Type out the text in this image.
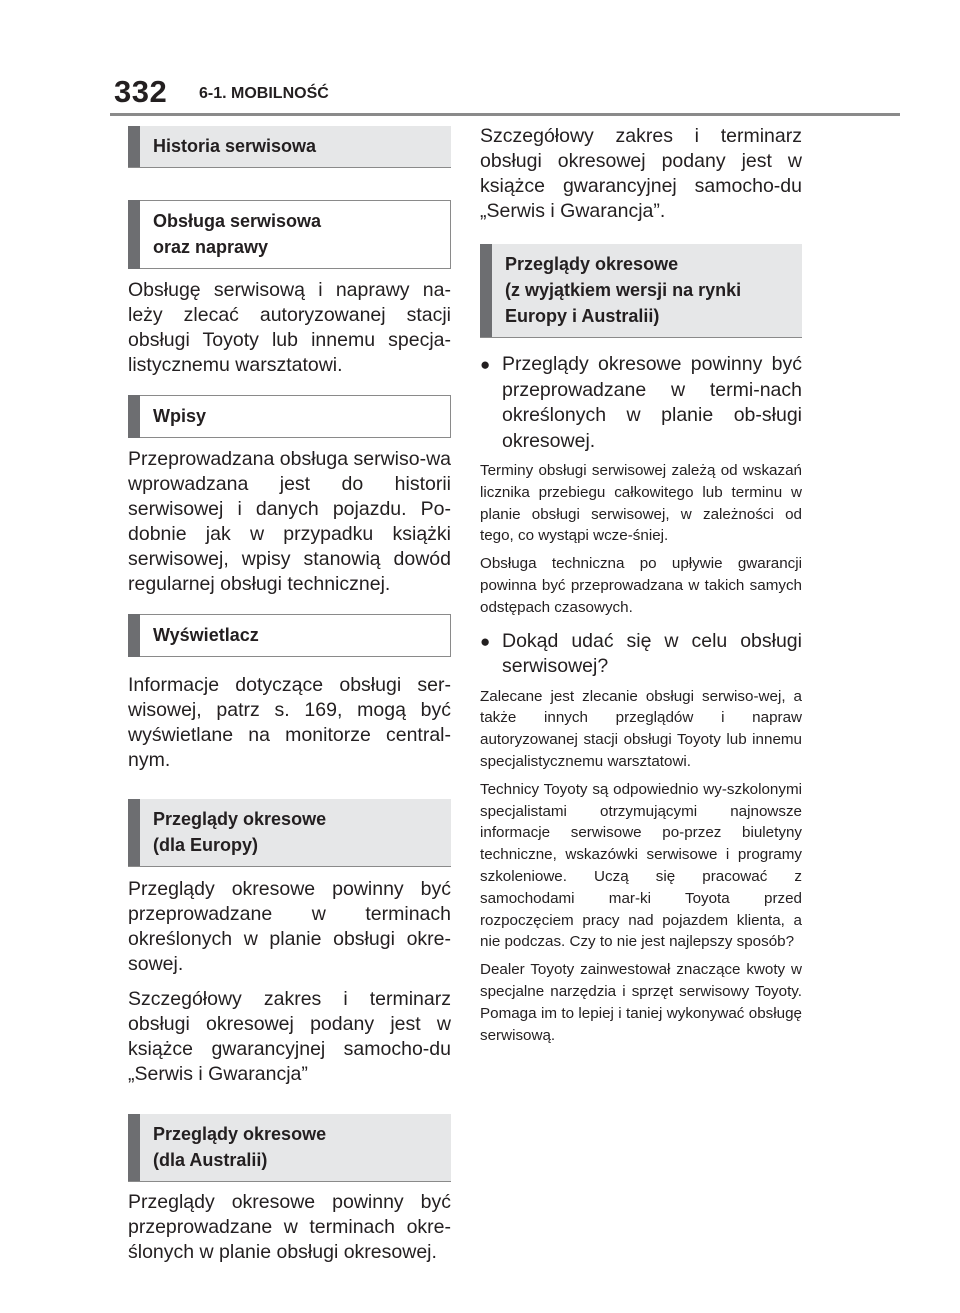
332 6-1. MOBILNOŚĆ
Historia serwisowa
Obsługa serwisowa
oraz naprawy

Obsługę serwisową i naprawy na-leży zlecać autoryzowanej stacji obsługi Toyoty lub innemu specja-listycznemu warsztatowi.

Wpisy

Przeprowadzana obsługa serwiso-wa wprowadzana jest do historii serwisowej i danych pojazdu. Po-dobnie jak w przypadku książki serwisowej, wpisy stanowią dowód regularnej obsługi technicznej.

Wyświetlacz

Informacje dotyczące obsługi ser-wisowej, patrz s. 169, mogą być wyświetlane na monitorze central-nym.

Przeglądy okresowe
(dla Europy)

Przeglądy okresowe powinny być przeprowadzane w terminach określonych w planie obsługi okre-sowej.

Szczegółowy zakres i terminarz obsługi okresowej podany jest w książce gwarancyjnej samocho-du „Serwis i Gwarancja”

Przeglądy okresowe
(dla Australii)

Przeglądy okresowe powinny być przeprowadzane w terminach okre-ślonych w planie obsługi okresowej.

Szczegółowy zakres i terminarz obsługi okresowej podany jest w książce gwarancyjnej samocho-du „Serwis i Gwarancja”.

Przeglądy okresowe
(z wyjątkiem wersji na rynki
Europy i Australii)

● Przeglądy okresowe powinny być przeprowadzane w termi-nach określonych w planie ob-sługi okresowej.

Terminy obsługi serwisowej zależą od wskazań licznika przebiegu całkowitego lub terminu w planie obsługi serwisowej, w zależności od tego, co wystąpi wcze-śniej.

Obsługa techniczna po upływie gwarancji powinna być przeprowadzana w takich samych odstępach czasowych.

● Dokąd udać się w celu obsługi serwisowej?

Zalecane jest zlecanie obsługi serwiso-wej, a także innych przeglądów i napraw autoryzowanej stacji obsługi Toyoty lub innemu specjalistycznemu warsztatowi.

Technicy Toyoty są odpowiednio wy-szkolonymi specjalistami otrzymującymi najnowsze informacje serwisowe po-przez biuletyny techniczne, wskazówki serwisowe i programy szkoleniowe. Uczą się pracować z samochodami mar-ki Toyota przed rozpoczęciem pracy nad pojazdem klienta, a nie podczas. Czy to nie jest najlepszy sposób?

Dealer Toyoty zainwestował znaczące kwoty w specjalne narzędzia i sprzęt serwisowy Toyoty. Pomaga im to lepiej i taniej wykonywać obsługę serwisową.
